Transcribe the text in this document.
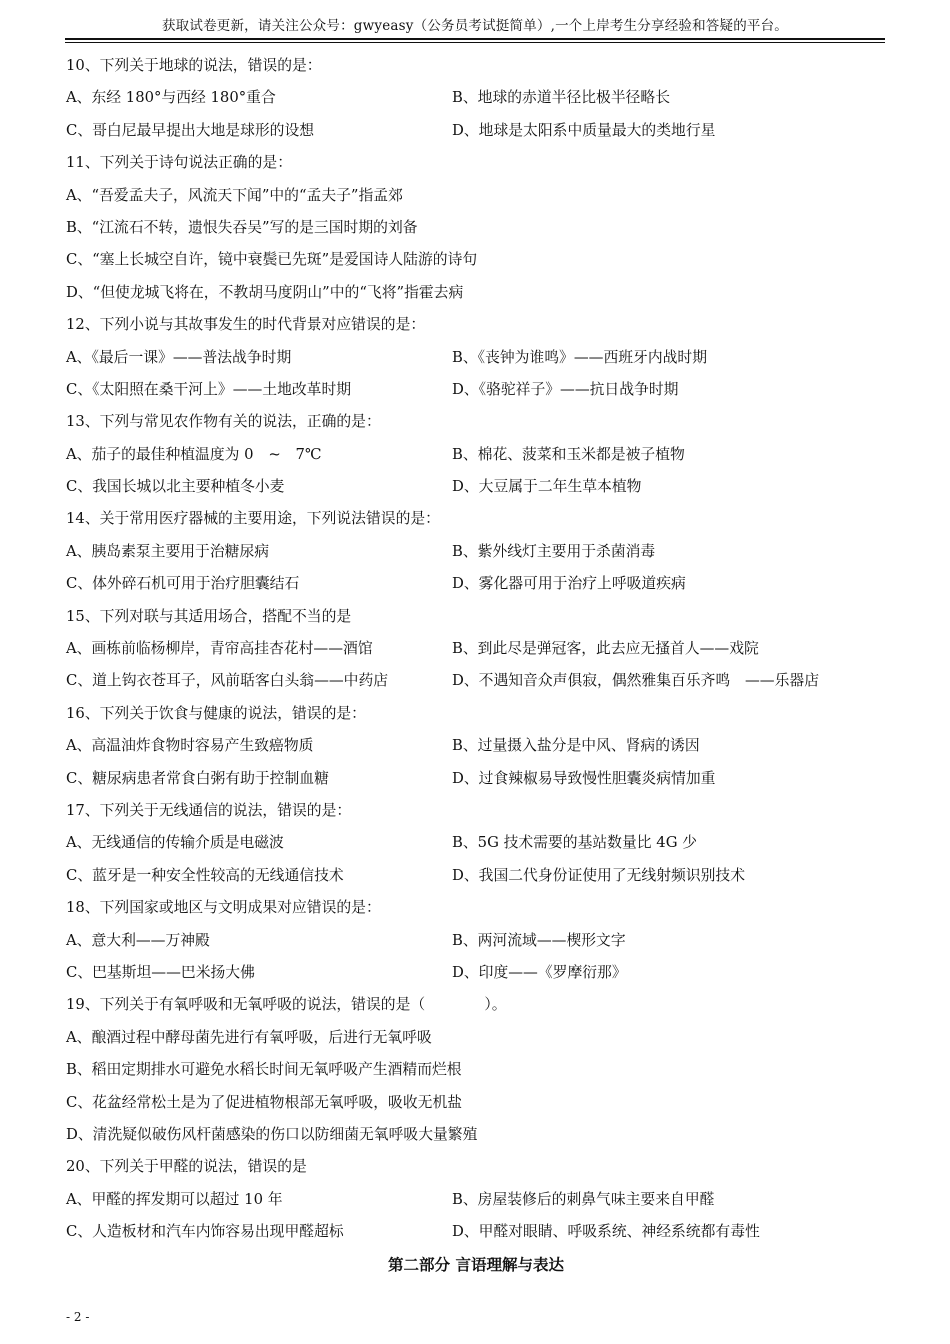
获取试卷更新，请关注公众号：gwyeasy（公务员考试挺简单）,一个上岸考生分享经验和答疑的平台。
10、下列关于地球的说法，错误的是：
A、东经 180°与西经 180°重合	B、地球的赤道半径比极半径略长
C、哥白尼最早提出大地是球形的设想	D、地球是太阳系中质量最大的类地行星
11、下列关于诗句说法正确的是：
A、“吾爱孟夫子，风流天下闻”中的“孟夫子”指孟郊
B、“江流石不转，遗恨失吞吴”写的是三国时期的刘备
C、“塞上长城空自许，镜中衰鬓已先斑”是爱国诗人陆游的诗句
D、“但使龙城飞将在，不教胡马度阴山”中的“飞将”指霍去病
12、下列小说与其故事发生的时代背景对应错误的是：
A、《最后一课》——普法战争时期	B、《丧钟为谁鸣》——西班牙内战时期
C、《太阳照在桑干河上》——土地改革时期	D、《骆驼祥子》——抗日战争时期
13、下列与常见农作物有关的说法，正确的是：
A、茄子的最佳种植温度为 0　~　7℃	B、棉花、菠菜和玉米都是被子植物
C、我国长城以北主要种植冬小麦	D、大豆属于二年生草本植物
14、关于常用医疗器械的主要用途，下列说法错误的是：
A、胰岛素泵主要用于治糖尿病	B、紫外线灯主要用于杀菌消毒
C、体外碎石机可用于治疗胆囊结石	D、雾化器可用于治疗上呼吸道疾病
15、下列对联与其适用场合，搭配不当的是
A、画栋前临杨柳岸，青帘高挂杏花村——酒馆	B、到此尽是弹冠客，此去应无搔首人——戏院
C、道上钩衣苍耳子，风前聒客白头翁——中药店	D、不遇知音众声俱寂，偶然雅集百乐齐鸣　——乐器店
16、下列关于饮食与健康的说法，错误的是：
A、高温油炸食物时容易产生致癌物质	B、过量摄入盐分是中风、肾病的诱因
C、糖尿病患者常食白粥有助于控制血糖	D、过食辣椒易导致慢性胆囊炎病情加重
17、下列关于无线通信的说法，错误的是：
A、无线通信的传输介质是电磁波	B、5G 技术需要的基站数量比 4G 少
C、蓝牙是一种安全性较高的无线通信技术	D、我国二代身份证使用了无线射频识别技术
18、下列国家或地区与文明成果对应错误的是：
A、意大利——万神殿	B、两河流域——楔形文字
C、巴基斯坦——巴米扬大佛	D、印度——《罗摩衍那》
19、下列关于有氧呼吸和无氧呼吸的说法，错误的是（　　　　）。
A、酿酒过程中酵母菌先进行有氧呼吸，后进行无氧呼吸
B、稻田定期排水可避免水稻长时间无氧呼吸产生酒精而烂根
C、花盆经常松土是为了促进植物根部无氧呼吸，吸收无机盐
D、清洗疑似破伤风杆菌感染的伤口以防细菌无氧呼吸大量繁殖
20、下列关于甲醛的说法，错误的是
A、甲醛的挥发期可以超过 10 年	B、房屋装修后的刺鼻气味主要来自甲醛
C、人造板材和汽车内饰容易出现甲醛超标	D、甲醛对眼睛、呼吸系统、神经系统都有毒性
第二部分 言语理解与表达
- 2 -
